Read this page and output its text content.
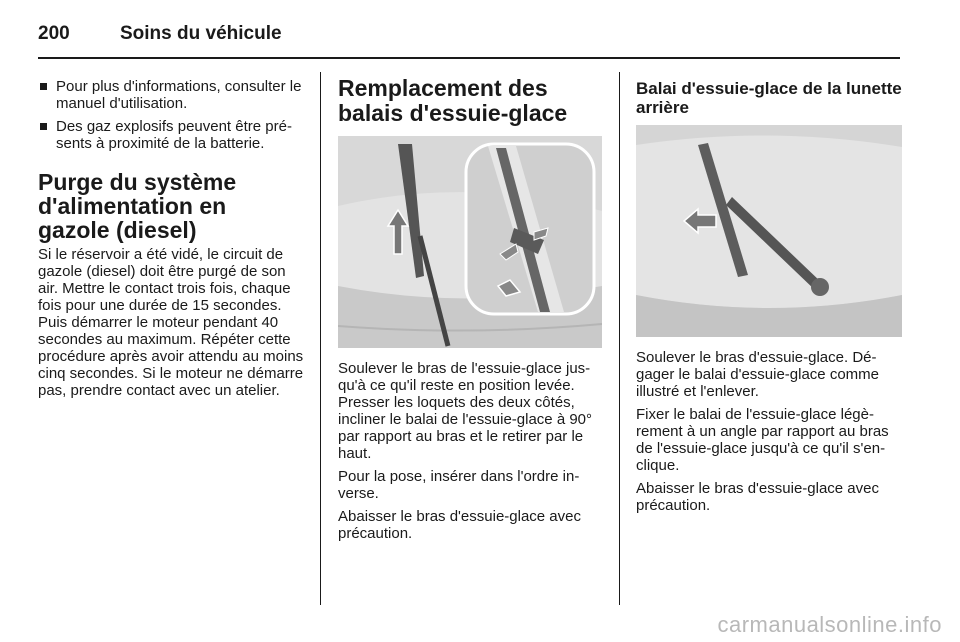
200	Soins du véhicule
Pour plus d'informations, consulter le manuel d'utilisation.
Des gaz explosifs peuvent être pré-sents à proximité de la batterie.
Purge du système d'alimentation en gazole (diesel)

Si le réservoir a été vidé, le circuit de gazole (diesel) doit être purgé de son air. Mettre le contact trois fois, chaque fois pour une durée de 15 secondes. Puis démarrer le moteur pendant 40 secondes au maximum. Répéter cette procédure après avoir attendu au moins cinq secondes. Si le moteur ne démarre pas, prendre contact avec un atelier.

Remplacement des balais d'essuie-glace

Soulever le bras de l'essuie-glace jus-qu'à ce qu'il reste en position levée. Presser les loquets des deux côtés, incliner le balai de l'essuie-glace à 90° par rapport au bras et le retirer par le haut.

Pour la pose, insérer dans l'ordre in-verse.

Abaisser le bras d'essuie-glace avec précaution.

Balai d'essuie-glace de la lunette arrière

Soulever le bras d'essuie-glace. Dé-gager le balai d'essuie-glace comme illustré et l'enlever.

Fixer le balai de l'essuie-glace légè-rement à un angle par rapport au bras de l'essuie-glace jusqu'à ce qu'il s'en-clique.

Abaisser le bras d'essuie-glace avec précaution.

carmanualsonline.info
